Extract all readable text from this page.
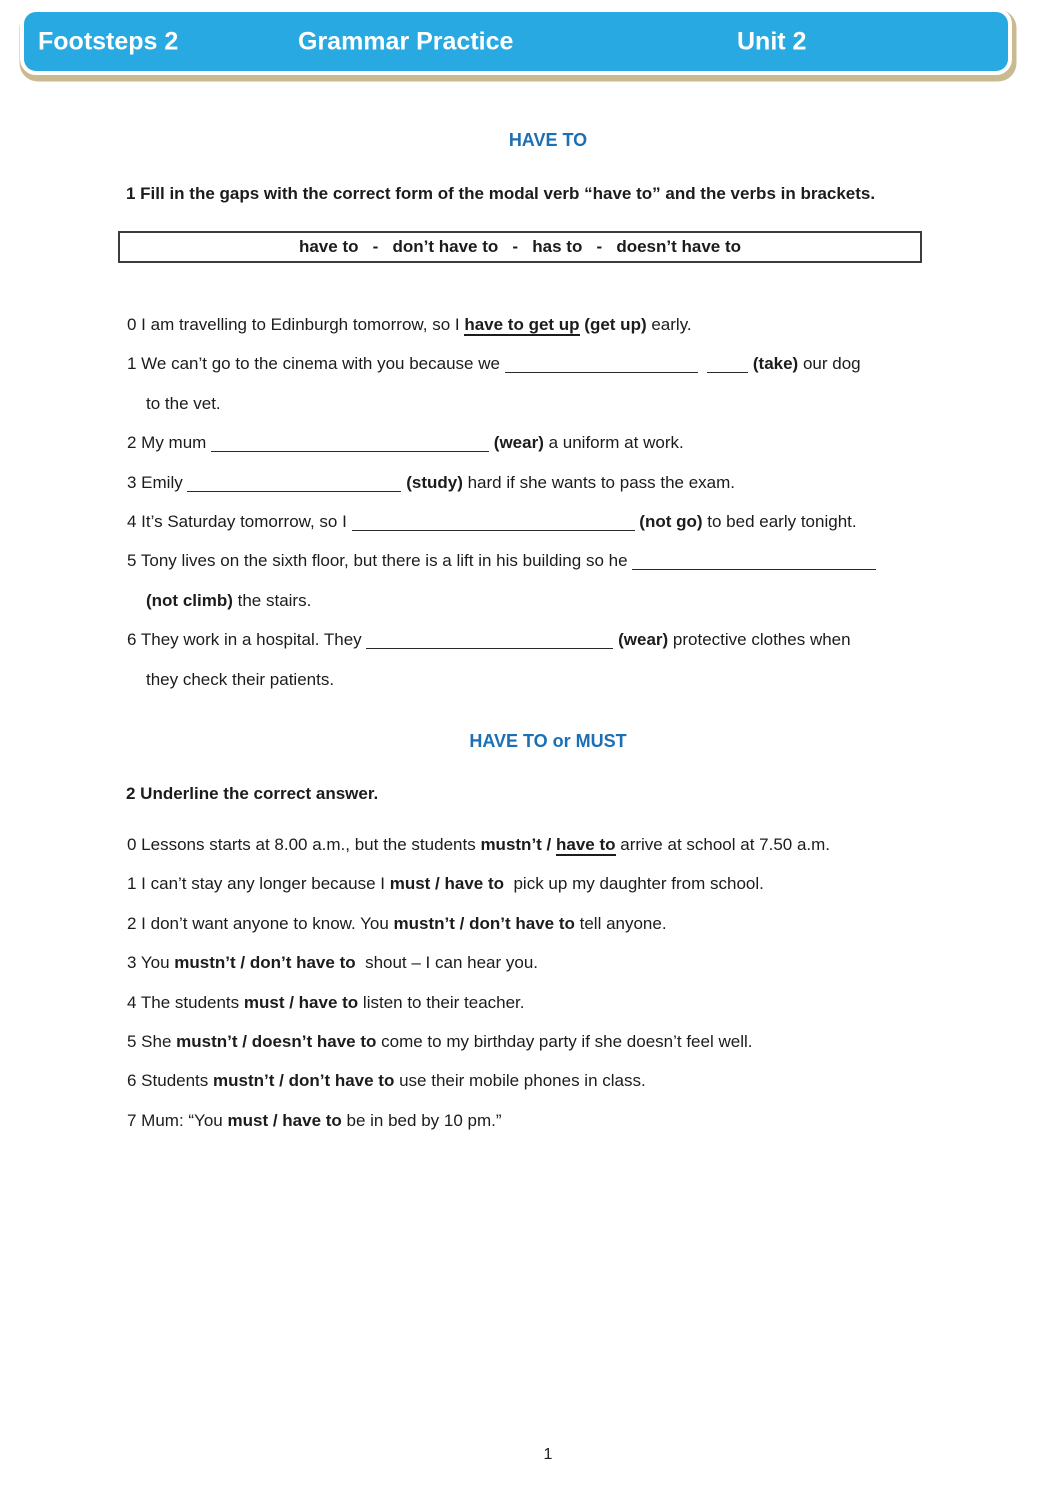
Footsteps 2	Grammar Practice	Unit 2
HAVE TO
1 Fill in the gaps with the correct form of the modal verb “have to” and the verbs in brackets.
have to   -   don’t have to   -   has to   -   doesn’t have to
0 I am travelling to Edinburgh tomorrow, so I have to get up (get up) early.
1 We can’t go to the cinema with you because we	(take) our dog
to the vet.
2 My mum	(wear) a uniform at work.
3 Emily	(study) hard if she wants to pass the exam.
4 It’s Saturday tomorrow, so I	(not go) to bed early tonight.
5 Tony lives on the sixth floor, but there is a lift in his building so he
(not climb) the stairs.
6 They work in a hospital. They	(wear) protective clothes when
they check their patients.
HAVE TO or MUST
2 Underline the correct answer.
0 Lessons starts at 8.00 a.m., but the students mustn’t / have to arrive at school at 7.50 a.m.
1 I can’t stay any longer because I must / have to  pick up my daughter from school.
2 I don’t want anyone to know. You mustn’t / don’t have to tell anyone.
3 You mustn’t / don’t have to  shout – I can hear you.
4 The students must / have to listen to their teacher.
5 She mustn’t / doesn’t have to come to my birthday party if she doesn’t feel well.
6 Students mustn’t / don’t have to use their mobile phones in class.
7 Mum: “You must / have to be in bed by 10 pm.”
1
